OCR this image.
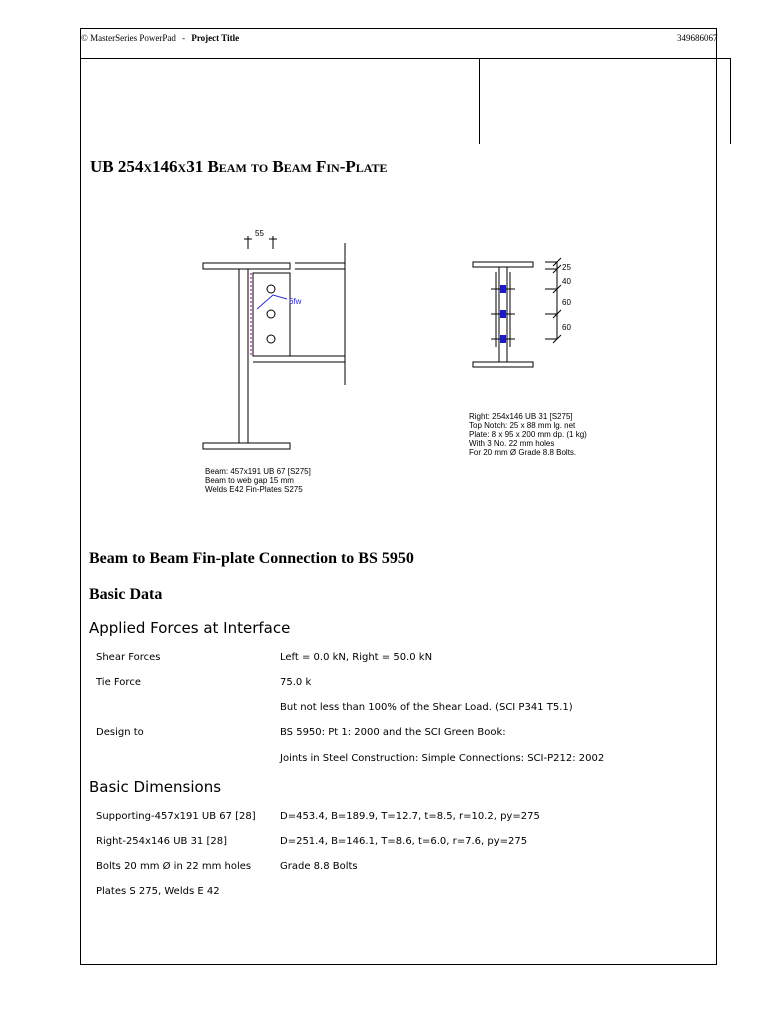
© MasterSeries PowerPad - Project Title	349686067
UB 254x146x31 Beam to Beam Fin-Plate
55
6fw
Beam: 457x191 UB 67 [S275]
Beam to web gap 15 mm
Welds E42 Fin-Plates S275
25
40
60
60
Right: 254x146 UB 31 [S275]
Top Notch: 25 x 88 mm lg. net
Plate: 8 x 95 x 200 mm dp. (1 kg)
With 3 No. 22 mm holes
For 20 mm Ø Grade 8.8 Bolts.
Beam to Beam Fin-plate Connection to BS 5950
Basic Data
Applied Forces at Interface
Shear Forces	Left = 0.0 kN, Right = 50.0 kN
Tie Force	75.0 k
But not less than 100% of the Shear Load. (SCI P341 T5.1)
Design to	BS 5950: Pt 1: 2000 and the SCI Green Book:
Joints in Steel Construction: Simple Connections: SCI-P212: 2002
Basic Dimensions
Supporting-457x191 UB 67 [28] D=453.4, B=189.9, T=12.7, t=8.5, r=10.2, py=275
Right-254x146 UB 31 [28]	D=251.4, B=146.1, T=8.6, t=6.0, r=7.6, py=275
Bolts 20 mm Ø in 22 mm holes	Grade 8.8 Bolts
Plates S 275, Welds E 42
